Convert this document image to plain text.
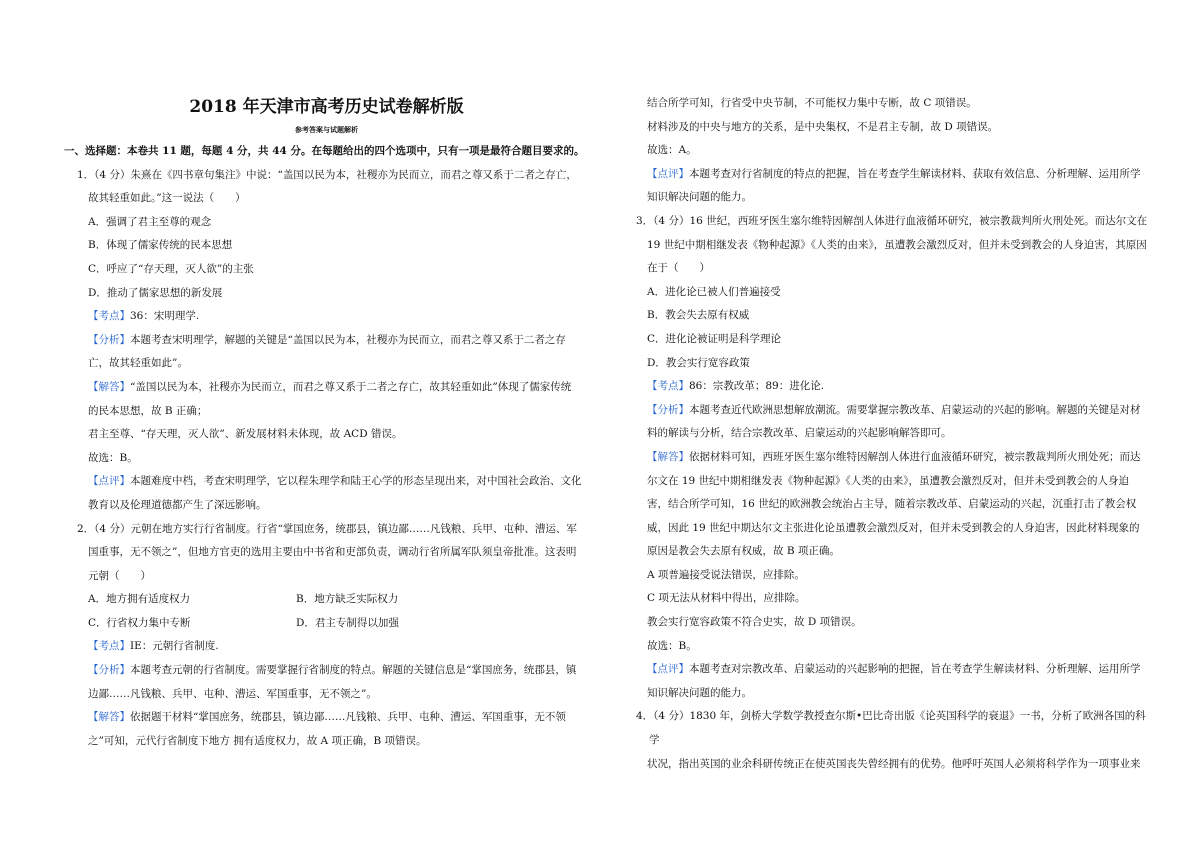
2018 年天津市高考历史试卷解析版
参考答案与试题解析

一、选择题：本卷共 11 题，每题 4 分，共 44 分。在每题给出的四个选项中，只有一项是最符合题目要求的。

1．（4 分）朱熹在《四书章句集注》中说：“盖国以民为本，社稷亦为民而立，而君之尊又系于二者之存亡，

故其轻重如此。”这一说法（　　）

A．强调了君主至尊的观念

B．体现了儒家传统的民本思想

C．呼应了“存天理，灭人欲”的主张

D．推动了儒家思想的新发展

【考点】36：宋明理学.

【分析】本题考查宋明理学，解题的关键是“盖国以民为本，社稷亦为民而立，而君之尊又系于二者之存

亡，故其轻重如此”。

【解答】“盖国以民为本，社稷亦为民而立，而君之尊又系于二者之存亡，故其轻重如此”体现了儒家传统

的民本思想，故 B 正确；

君主至尊、“存天理，灭人欲”、新发展材料未体现，故 ACD 错误。

故选：B。

【点评】本题难度中档，考查宋明理学，它以程朱理学和陆王心学的形态呈现出来，对中国社会政治、文化

教育以及伦理道德都产生了深远影响。

2．（4 分）元朝在地方实行行省制度。行省“掌国庶务，统郡县，镇边鄙……凡钱粮、兵甲、屯种、漕运、军

国重事，无不领之”，但地方官吏的选用主要由中书省和吏部负责，调动行省所属军队须皇帝批准。这表明

元朝（　　）

A．地方拥有适度权力	B．地方缺乏实际权力
C．行省权力集中专断	D．君主专制得以加强

【考点】IE：元朝行省制度.

【分析】本题考查元朝的行省制度。需要掌握行省制度的特点。解题的关键信息是“掌国庶务，统郡县，镇

边鄙……凡钱粮、兵甲、屯种、漕运、军国重事，无不领之”。

【解答】依据题干材料“掌国庶务，统郡县，镇边鄙……凡钱粮、兵甲、屯种、漕运、军国重事，无不领

之”可知，元代行省制度下地方 拥有适度权力，故 A 项正确，B 项错误。

结合所学可知，行省受中央节制，不可能权力集中专断，故 C 项错误。

材料涉及的中央与地方的关系，是中央集权，不是君主专制，故 D 项错误。

故选：A。

【点评】本题考查对行省制度的特点的把握，旨在考查学生解读材料、获取有效信息、分析理解、运用所学

知识解决问题的能力。

3．（4 分）16 世纪，西班牙医生塞尔维特因解剖人体进行血液循环研究，被宗教裁判所火刑处死。而达尔文在

19 世纪中期相继发表《物种起源》《人类的由来》，虽遭教会激烈反对，但并未受到教会的人身迫害，其原因

在于（　　）

A．进化论已被人们普遍接受

B．教会失去原有权威

C．进化论被证明是科学理论

D．教会实行宽容政策

【考点】86：宗教改革；89：进化论.

【分析】本题考查近代欧洲思想解放潮流。需要掌握宗教改革、启蒙运动的兴起的影响。解题的关键是对材

料的解读与分析，结合宗教改革、启蒙运动的兴起影响解答即可。

【解答】依据材料可知，西班牙医生塞尔维特因解剖人体进行血液循环研究，被宗教裁判所火刑处死；而达

尔文在 19 世纪中期相继发表《物种起源》《人类的由来》，虽遭教会激烈反对，但并未受到教会的人身迫

害，结合所学可知，16 世纪的欧洲教会统治占主导，随着宗教改革、启蒙运动的兴起，沉重打击了教会权

威，因此 19 世纪中期达尔文主张进化论虽遭教会激烈反对，但并未受到教会的人身迫害，因此材料现象的

原因是教会失去原有权威，故 B 项正确。

A 项普遍接受说法错误，应排除。

C 项无法从材料中得出，应排除。

教会实行宽容政策不符合史实，故 D 项错误。

故选：B。

【点评】本题考查对宗教改革、启蒙运动的兴起影响的把握，旨在考查学生解读材料、分析理解、运用所学

知识解决问题的能力。

4．（4 分）1830 年，剑桥大学数学教授查尔斯•巴比奇出版《论英国科学的衰退》一书，分析了欧洲各国的科学

状况，指出英国的业余科研传统正在使英国丧失曾经拥有的优势。他呼吁英国人必须将科学作为一项事业来
